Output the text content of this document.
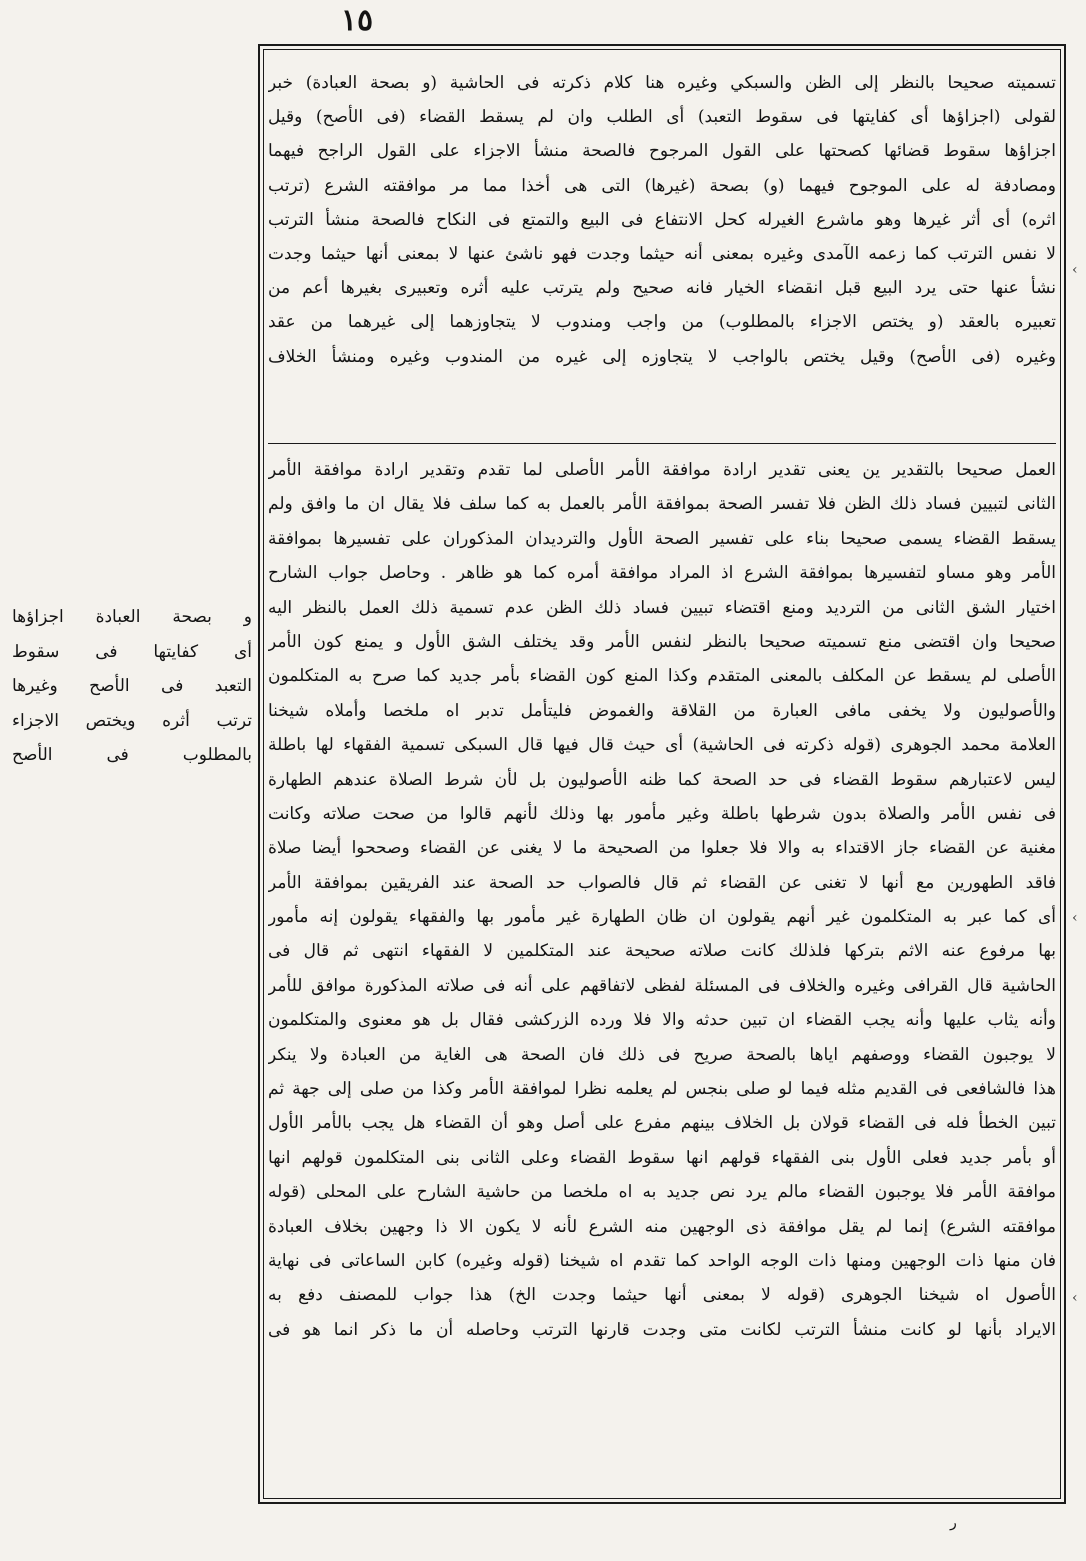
١٥
تسميته صحيحا بالنظر إلى الظن والسبكي وغيره هنا كلام ذكرته فى الحاشية (و بصحة العبادة) خبر
لقولى (اجزاؤها أى كفايتها فى سقوط التعبد) أى الطلب وان لم يسقط القضاء (فى الأصح) وقيل
اجزاؤها سقوط قضائها كصحتها على القول المرجوح فالصحة منشأ الاجزاء على القول الراجح فيهما
ومصادفة له على الموجوح فيهما (و) بصحة (غيرها) التى هى أخذا مما مر موافقته الشرع (ترتب
اثره) أى أثر غيرها وهو ماشرع الغيرله كحل الانتفاع فى البيع والتمتع فى النكاح فالصحة منشأ الترتب
لا نفس الترتب كما زعمه الآمدى وغيره بمعنى أنه حيثما وجدت فهو ناشئ عنها لا بمعنى أنها حيثما وجدت
نشأ عنها حتى يرد البيع قبل انقضاء الخيار فانه صحيح ولم يترتب عليه أثره وتعبيرى بغيرها أعم من
تعبيره بالعقد (و يختص الاجزاء بالمطلوب) من واجب ومندوب لا يتجاوزهما إلى غيرهما من عقد
وغيره (فى الأصح) وقيل يختص بالواجب لا يتجاوزه إلى غيره من المندوب وغيره ومنشأ الخلاف
العمل صحيحا بالتقدير ين يعنى تقدير ارادة موافقة الأمر الأصلى لما تقدم وتقدير ارادة موافقة الأمر
الثانى لتبيين فساد ذلك الظن فلا تفسر الصحة بموافقة الأمر بالعمل به كما سلف فلا يقال ان ما وافق ولم
يسقط القضاء يسمى صحيحا بناء على تفسير الصحة الأول والترديدان المذكوران على تفسيرها بموافقة
الأمر وهو مساو لتفسيرها بموافقة الشرع اذ المراد موافقة أمره كما هو ظاهر . وحاصل جواب الشارح
اختيار الشق الثانى من الترديد ومنع اقتضاء تبيين فساد ذلك الظن عدم تسمية ذلك العمل بالنظر اليه
صحيحا وان اقتضى منع تسميته صحيحا بالنظر لنفس الأمر وقد يختلف الشق الأول و يمنع كون الأمر
الأصلى لم يسقط عن المكلف بالمعنى المتقدم وكذا المنع كون القضاء بأمر جديد كما صرح به المتكلمون
والأصوليون ولا يخفى مافى العبارة من القلاقة والغموض فليتأمل تدبر اه ملخصا وأملاه شيخنا
العلامة محمد الجوهرى (قوله ذكرته فى الحاشية) أى حيث قال فيها قال السبكى تسمية الفقهاء لها باطلة
ليس لاعتبارهم سقوط القضاء فى حد الصحة كما ظنه الأصوليون بل لأن شرط الصلاة عندهم الطهارة
فى نفس الأمر والصلاة بدون شرطها باطلة وغير مأمور بها وذلك لأنهم قالوا من صحت صلاته وكانت
مغنية عن القضاء جاز الاقتداء به والا فلا جعلوا من الصحيحة ما لا يغنى عن القضاء وصححوا أيضا صلاة
فاقد الطهورين مع أنها لا تغنى عن القضاء ثم قال فالصواب حد الصحة عند الفريقين بموافقة الأمر
أى كما عبر به المتكلمون غير أنهم يقولون ان ظان الطهارة غير مأمور بها والفقهاء يقولون إنه مأمور
بها مرفوع عنه الاثم بتركها فلذلك كانت صلاته صحيحة عند المتكلمين لا الفقهاء انتهى ثم قال فى
الحاشية قال القرافى وغيره والخلاف فى المسئلة لفظى لاتفاقهم على أنه فى صلاته المذكورة موافق للأمر
وأنه يثاب عليها وأنه يجب القضاء ان تبين حدثه والا فلا ورده الزركشى فقال بل هو معنوى والمتكلمون
لا يوجبون القضاء ووصفهم اياها بالصحة صريح فى ذلك فان الصحة هى الغاية من العبادة ولا ينكر
هذا فالشافعى فى القديم مثله فيما لو صلى بنجس لم يعلمه نظرا لموافقة الأمر وكذا من صلى إلى جهة ثم
تبين الخطأ فله فى القضاء قولان بل الخلاف بينهم مفرع على أصل وهو أن القضاء هل يجب بالأمر الأول
أو بأمر جديد فعلى الأول بنى الفقهاء قولهم انها سقوط القضاء وعلى الثانى بنى المتكلمون قولهم انها
موافقة الأمر فلا يوجبون القضاء مالم يرد نص جديد به اه ملخصا من حاشية الشارح على المحلى (قوله
موافقته الشرع) إنما لم يقل موافقة ذى الوجهين منه الشرع لأنه لا يكون الا ذا وجهين بخلاف العبادة
فان منها ذات الوجهين ومنها ذات الوجه الواحد كما تقدم اه شيخنا (قوله وغيره) كابن الساعاتى فى نهاية
الأصول اه شيخنا الجوهرى (قوله لا بمعنى أنها حيثما وجدت الخ) هذا جواب للمصنف دفع به
الايراد بأنها لو كانت منشأ الترتب لكانت متى وجدت قارنها الترتب وحاصله أن ما ذكر انما هو فى
و بصحة العبادة اجزاؤها
أى كفايتها فى سقوط
التعبد فى الأصح وغيرها
ترتب أثره ويختص الاجزاء
بالمطلوب فى الأصح
ر
‹
‹
‹
